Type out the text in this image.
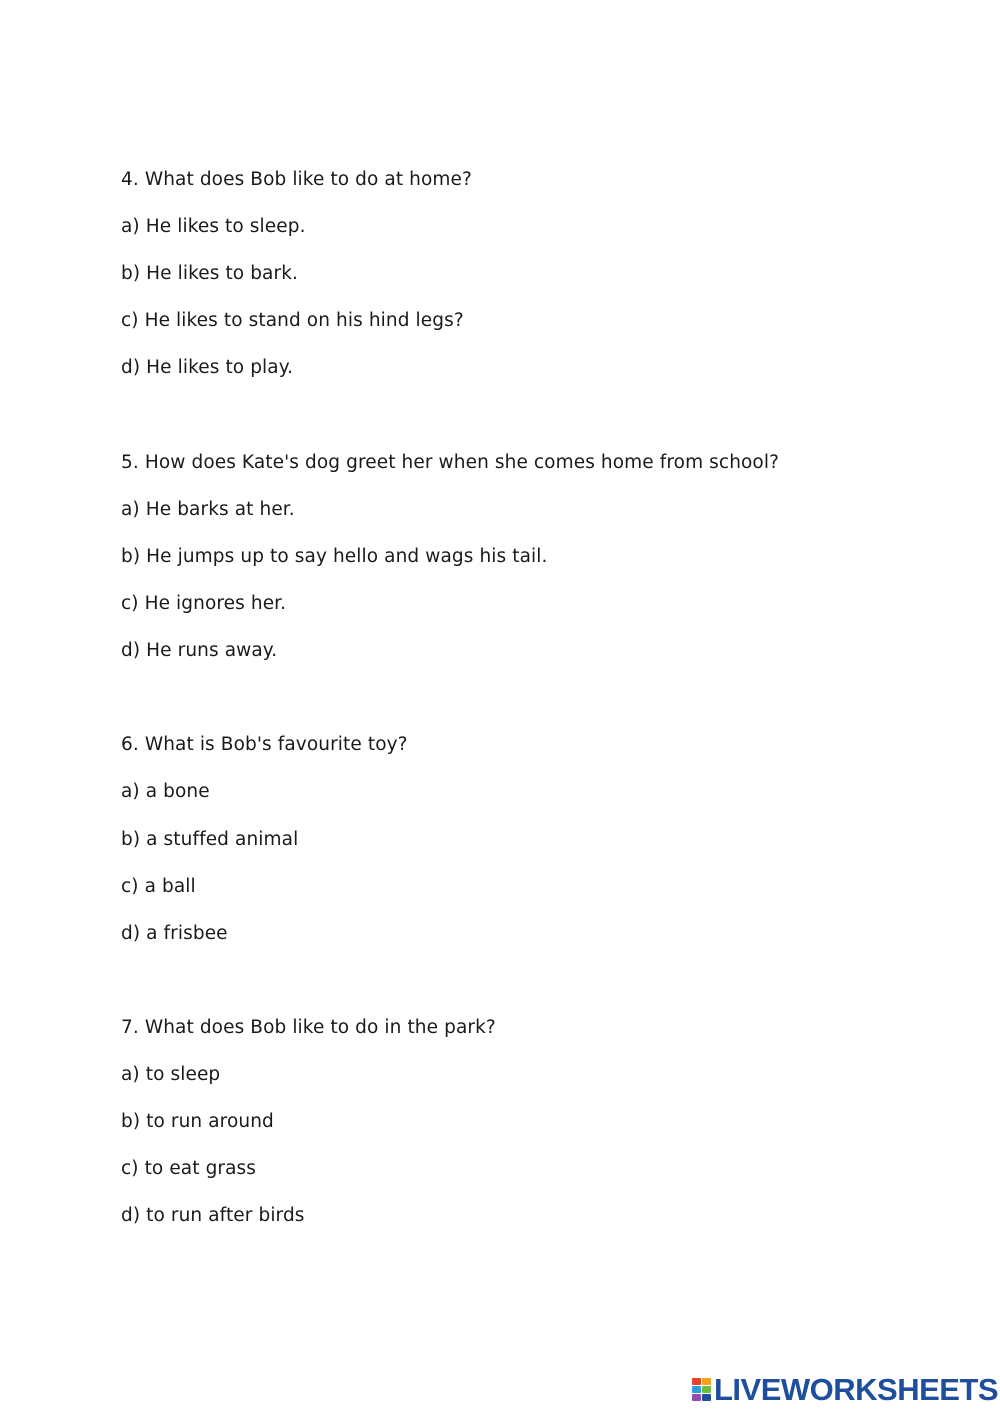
4. What does Bob like to do at home?
a) He likes to sleep.
b) He likes to bark.
c) He likes to stand on his hind legs?
d) He likes to play.
5. How does Kate's dog greet her when she comes home from school?
a) He barks at her.
b) He jumps up to say hello and wags his tail.
c) He ignores her.
d) He runs away.
6. What is Bob's favourite toy?
a) a bone
b) a stuffed animal
c) a ball
d) a frisbee
7. What does Bob like to do in the park?
a) to sleep
b) to run around
c) to eat grass
d) to run after birds
LIVEWORKSHEETS
